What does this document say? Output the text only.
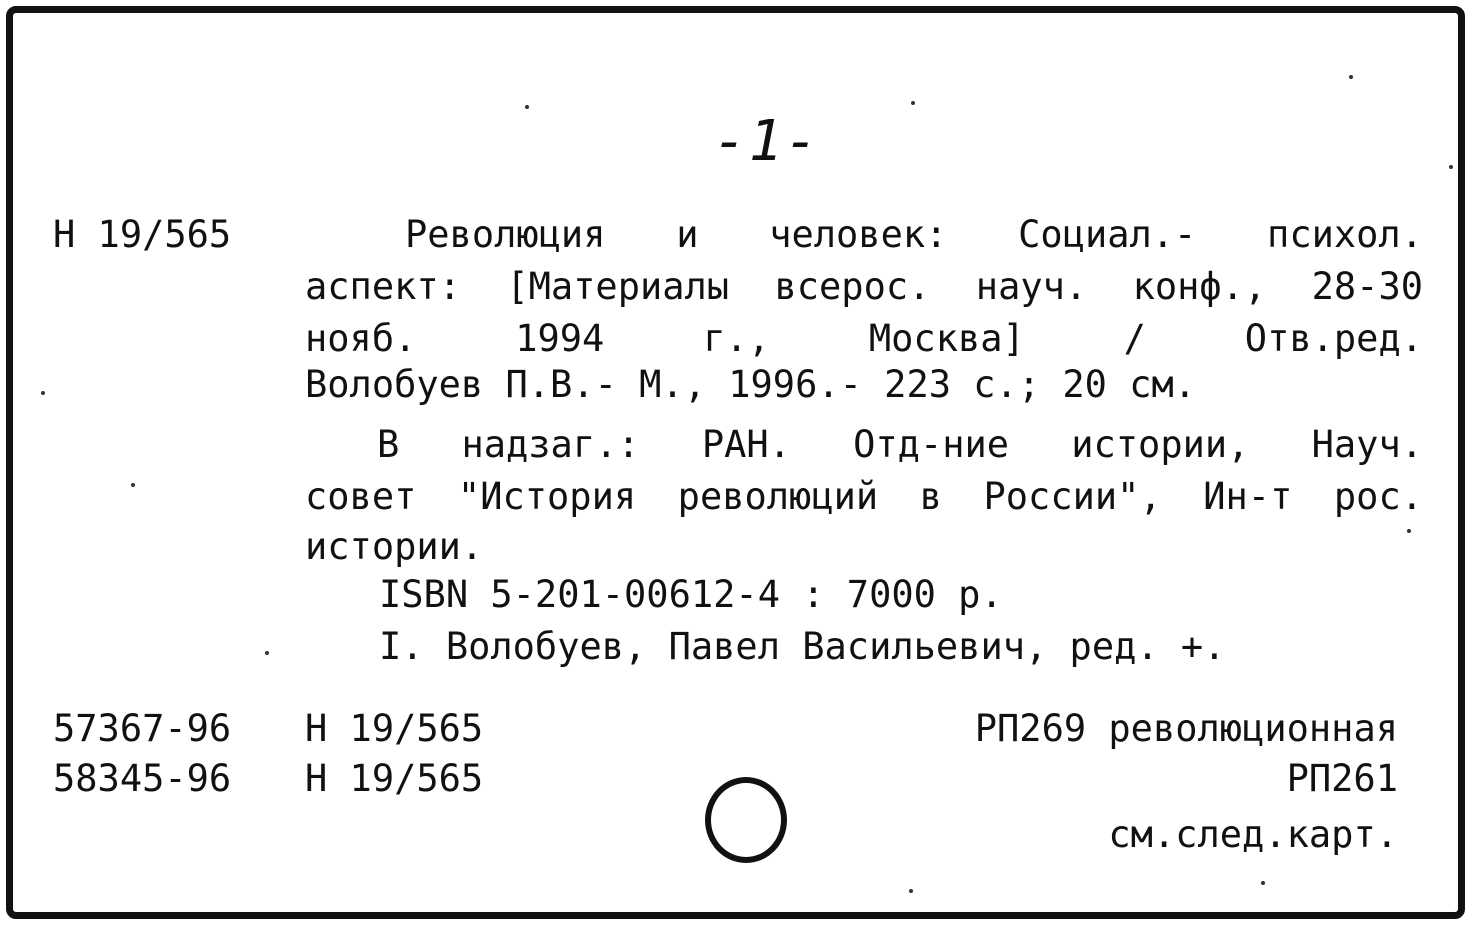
-1-
Н 19/565	Революция и человек: Социал.- психол.
аспект: [Материалы всерос. науч. конф., 28-30
нояб. 1994 г., Москва] / Отв.ред.
Волобуев П.В.- М., 1996.- 223 с.; 20 см.
В надзаг.: РАН. Отд-ние истории, Науч.
совет "История революций в России", Ин-т рос.
истории.
ISBN 5-201-00612-4 : 7000 р.
I. Волобуев, Павел Васильевич, ред. +.
57367-96 Н 19/565
58345-96 Н 19/565
РП269 революционная
РП261
см.след.карт.
